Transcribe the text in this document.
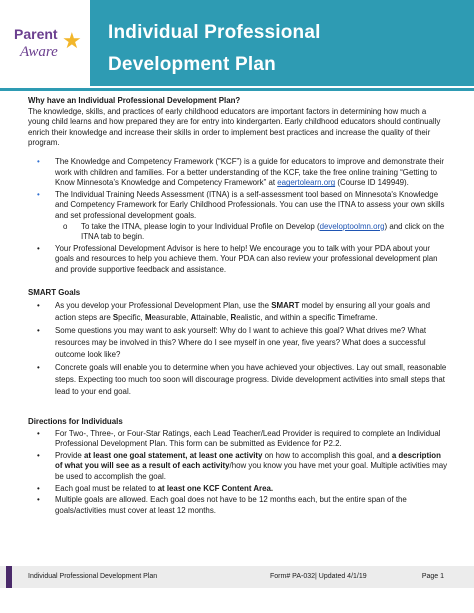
Parent ★
Aware
Individual Professional
Development Plan

Why have an Individual Professional Development Plan?

The knowledge, skills, and practices of early childhood educators are important factors in determining how much a young child learns and how prepared they are for entry into kindergarten. Early childhood educators should continually enrich their knowledge and increase their skills in order to implement best practices and increase the quality of their program.

• The Knowledge and Competency Framework (“KCF”) is a guide for educators to improve and demonstrate their work with children and families. For a better understanding of the KCF, take the free online training “Getting to Know Minnesota’s Knowledge and Competency Framework” at eagertolearn.org (Course ID 149949).
• The Individual Training Needs Assessment (ITNA) is a self-assessment tool based on Minnesota's Knowledge and Competency Framework for Early Childhood Professionals. You can use the ITNA to assess your own skills and set professional development goals.
o To take the ITNA, please login to your Individual Profile on Develop (developtoolmn.org) and click on the ITNA tab to begin.
• Your Professional Development Advisor is here to help! We encourage you to talk with your PDA about your goals and resources to help you achieve them. Your PDA can also review your professional development plan and provide supportive feedback and assistance.

SMART Goals

• As you develop your Professional Development Plan, use the SMART model by ensuring all your goals and action steps are Specific, Measurable, Attainable, Realistic, and within a specific Timeframe.
• Some questions you may want to ask yourself: Why do I want to achieve this goal? What drives me? What resources may be involved in this? Where do I see myself in one year, five years? What does a successful outcome look like?
• Concrete goals will enable you to determine when you have achieved your objectives. Lay out small, reasonable steps. Expecting too much too soon will discourage progress. Divide development activities into small steps that lead to your end goal.

Directions for Individuals

• For Two-, Three-, or Four-Star Ratings, each Lead Teacher/Lead Provider is required to complete an Individual Professional Development Plan. This form can be submitted as Evidence for P2.2.
• Provide at least one goal statement, at least one activity on how to accomplish this goal, and a description of what you will see as a result of each activity/how you know you have met your goal. Multiple activities may be used to accomplish the goal.
• Each goal must be related to at least one KCF Content Area.
• Multiple goals are allowed. Each goal does not have to be 12 months each, but the entire span of the goals/activities must cover at least 12 months.
Individual Professional Development Plan	Form# PA-032| Updated 4/1/19	Page 1
